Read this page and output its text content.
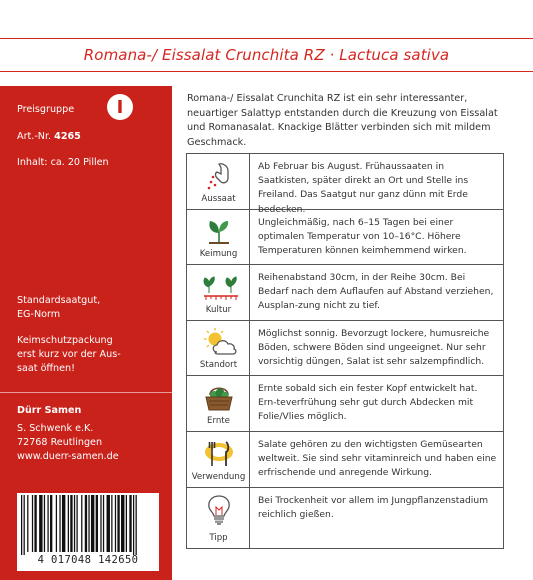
Romana-/ Eissalat Crunchita RZ · Lactuca sativa
Preisgruppe	I
Art.-Nr. 4265
Inhalt: ca. 20 Pillen
Standardsaatgut,
EG-Norm
Keimschutzpackung
erst kurz vor der Aus-
saat öffnen!
Dürr Samen
S. Schwenk e.K.
72768 Reutlingen
www.duerr-samen.de
4 017048 142650
Romana-/ Eissalat Crunchita RZ ist ein sehr interessanter, neuartiger Salattyp entstanden durch die Kreuzung von Eissalat und Romanasalat. Knackige Blätter verbinden sich mit mildem Geschmack.
Aussaat
Ab Februar bis August. Frühaussaaten in Saatkisten, später direkt an Ort und Stelle ins Freiland. Das Saatgut nur ganz dünn mit Erde bedecken.
Keimung
Ungleichmäßig, nach 6–15 Tagen bei einer optimalen Temperatur von 10–16°C. Höhere Temperaturen können keimhemmend wirken.
Kultur
Reihenabstand 30cm, in der Reihe 30cm. Bei Bedarf nach dem Auflaufen auf Abstand verziehen, Ausplan-zung nicht zu tief.
Standort
Möglichst sonnig. Bevorzugt lockere, humusreiche Böden, schwere Böden sind ungeeignet. Nur sehr vorsichtig düngen, Salat ist sehr salzempfindlich.
Ernte
Ernte sobald sich ein fester Kopf entwickelt hat. Ern-teverfrühung sehr gut durch Abdecken mit Folie/Vlies möglich.
Verwendung
Salate gehören zu den wichtigsten Gemüsearten weltweit. Sie sind sehr vitaminreich und haben eine erfrischende und anregende Wirkung.
Tipp
Bei Trockenheit vor allem im Jungpflanzenstadium reichlich gießen.
